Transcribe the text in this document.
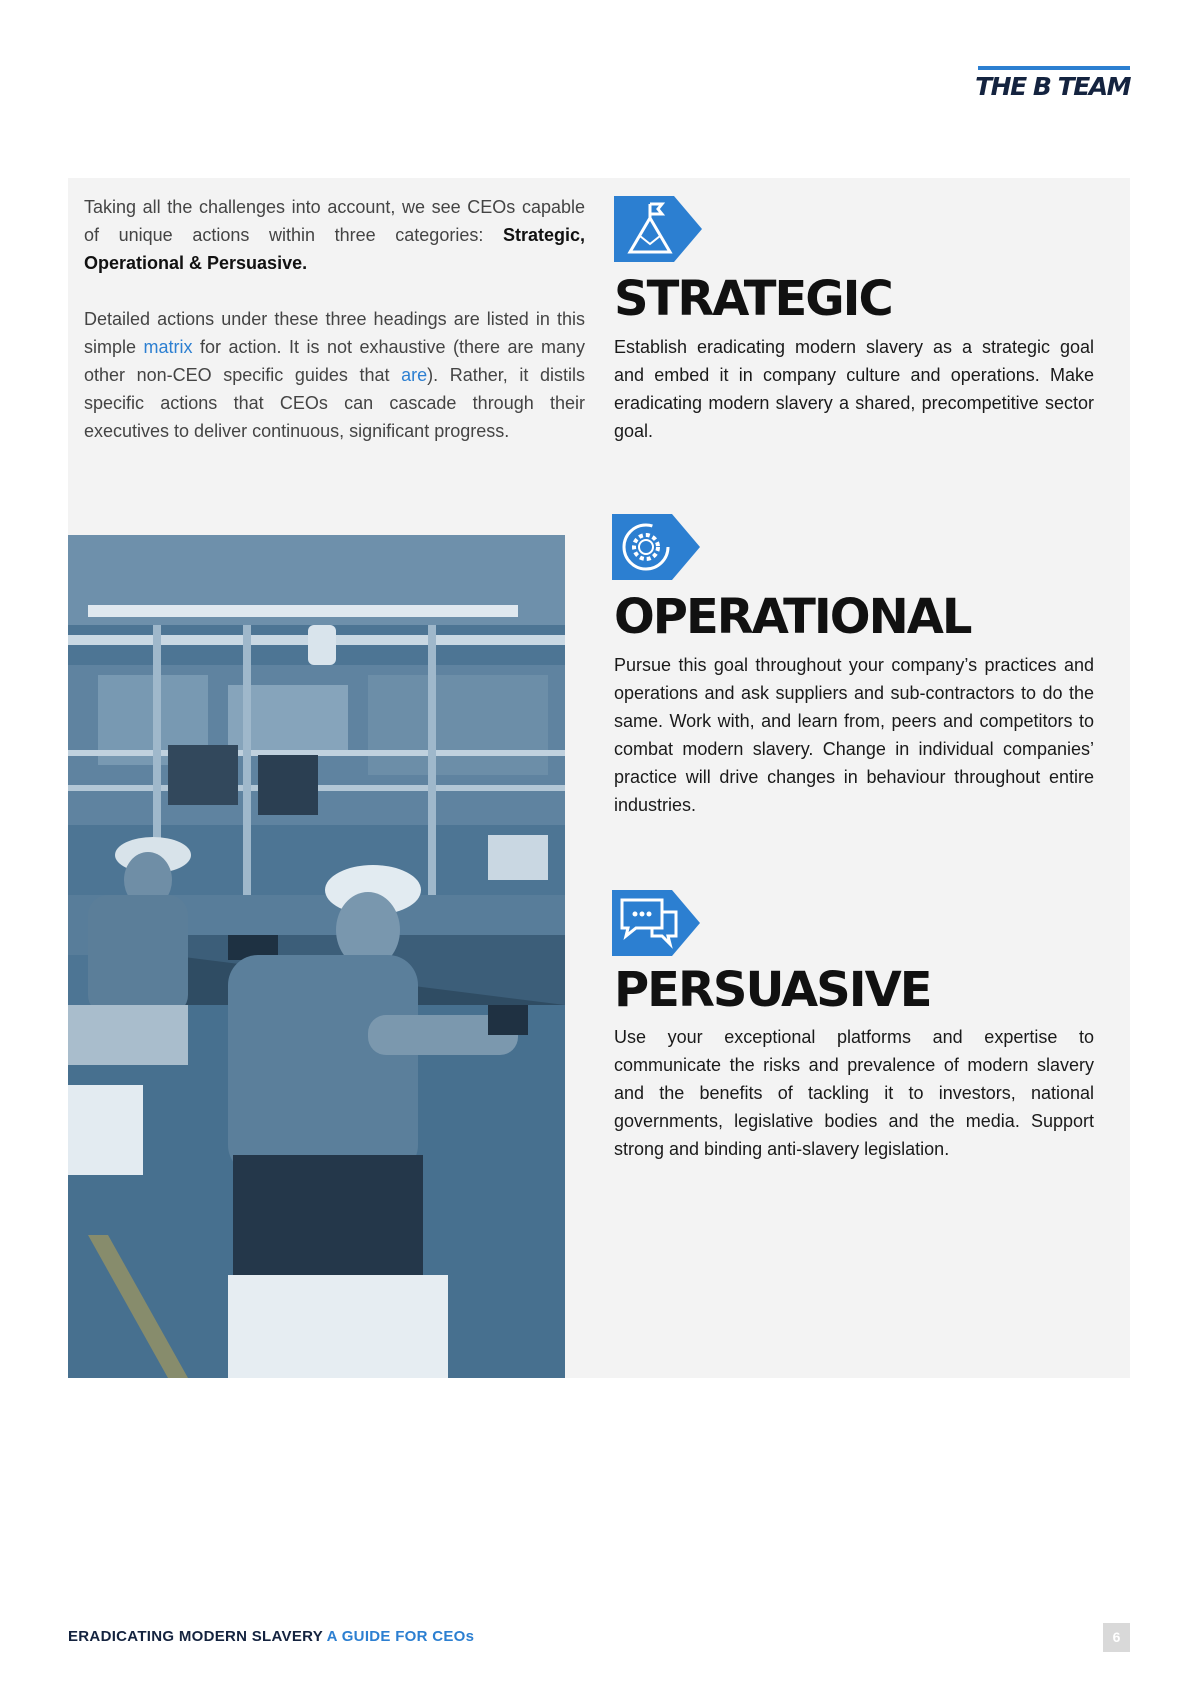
THE B TEAM

Taking all the challenges into account, we see CEOs capable of unique actions within three categories: Strategic, Operational & Persuasive.

Detailed actions under these three headings are listed in this simple matrix for action. It is not exhaustive (there are many other non-CEO specific guides that are). Rather, it distils specific actions that CEOs can cascade through their executives to deliver continuous, significant progress.

STRATEGIC

Establish eradicating modern slavery as a strategic goal and embed it in company culture and operations. Make eradicating modern slavery a shared, precompetitive sector goal.

OPERATIONAL

Pursue this goal throughout your company’s practices and operations and ask suppliers and sub-contractors to do the same. Work with, and learn from, peers and competitors to combat modern slavery. Change in individual companies’ practice will drive changes in behaviour throughout entire industries.

PERSUASIVE

Use your exceptional platforms and expertise to communicate the risks and prevalence of modern slavery and the benefits of tackling it to investors, national governments, legislative bodies and the media. Support strong and binding anti-slavery legislation.

ERADICATING MODERN SLAVERY A GUIDE FOR CEOs	6
